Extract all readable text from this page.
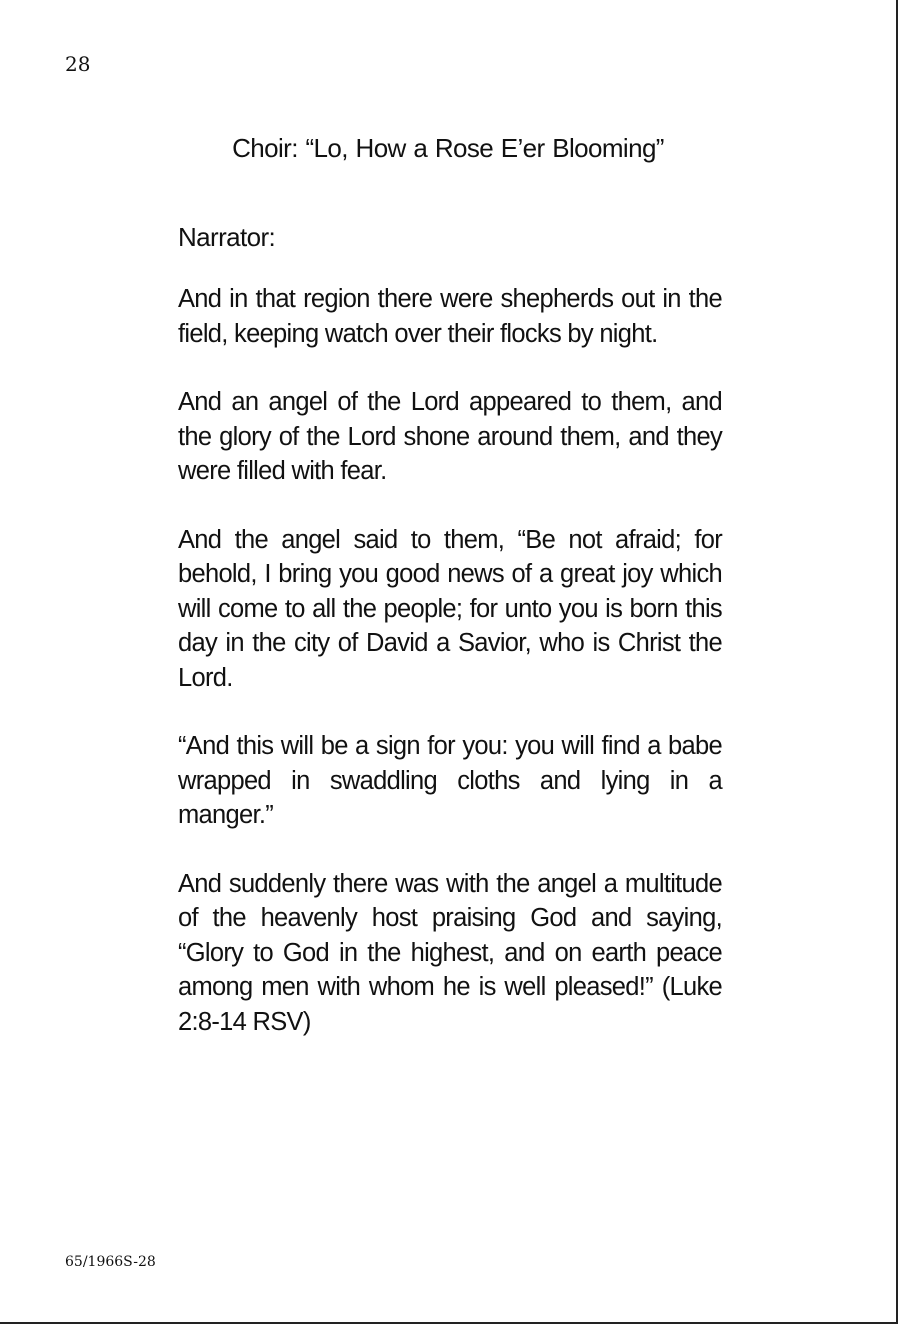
28
Choir: “Lo, How a Rose E’er Blooming”
Narrator:

And in that region there were shepherds out in the field, keeping watch over their flocks by night.

And an angel of the Lord appeared to them, and the glory of the Lord shone around them, and they were filled with fear.

And the angel said to them, “Be not afraid; for behold, I bring you good news of a great joy which will come to all the people; for unto you is born this day in the city of David a Savior, who is Christ the Lord.

“And this will be a sign for you: you will find a babe wrapped in swaddling cloths and lying in a manger.”

And suddenly there was with the angel a multitude of the heavenly host praising God and saying, “Glory to God in the highest, and on earth peace among men with whom he is well pleased!” (Luke 2:8-14 RSV)

65/1966S-28
